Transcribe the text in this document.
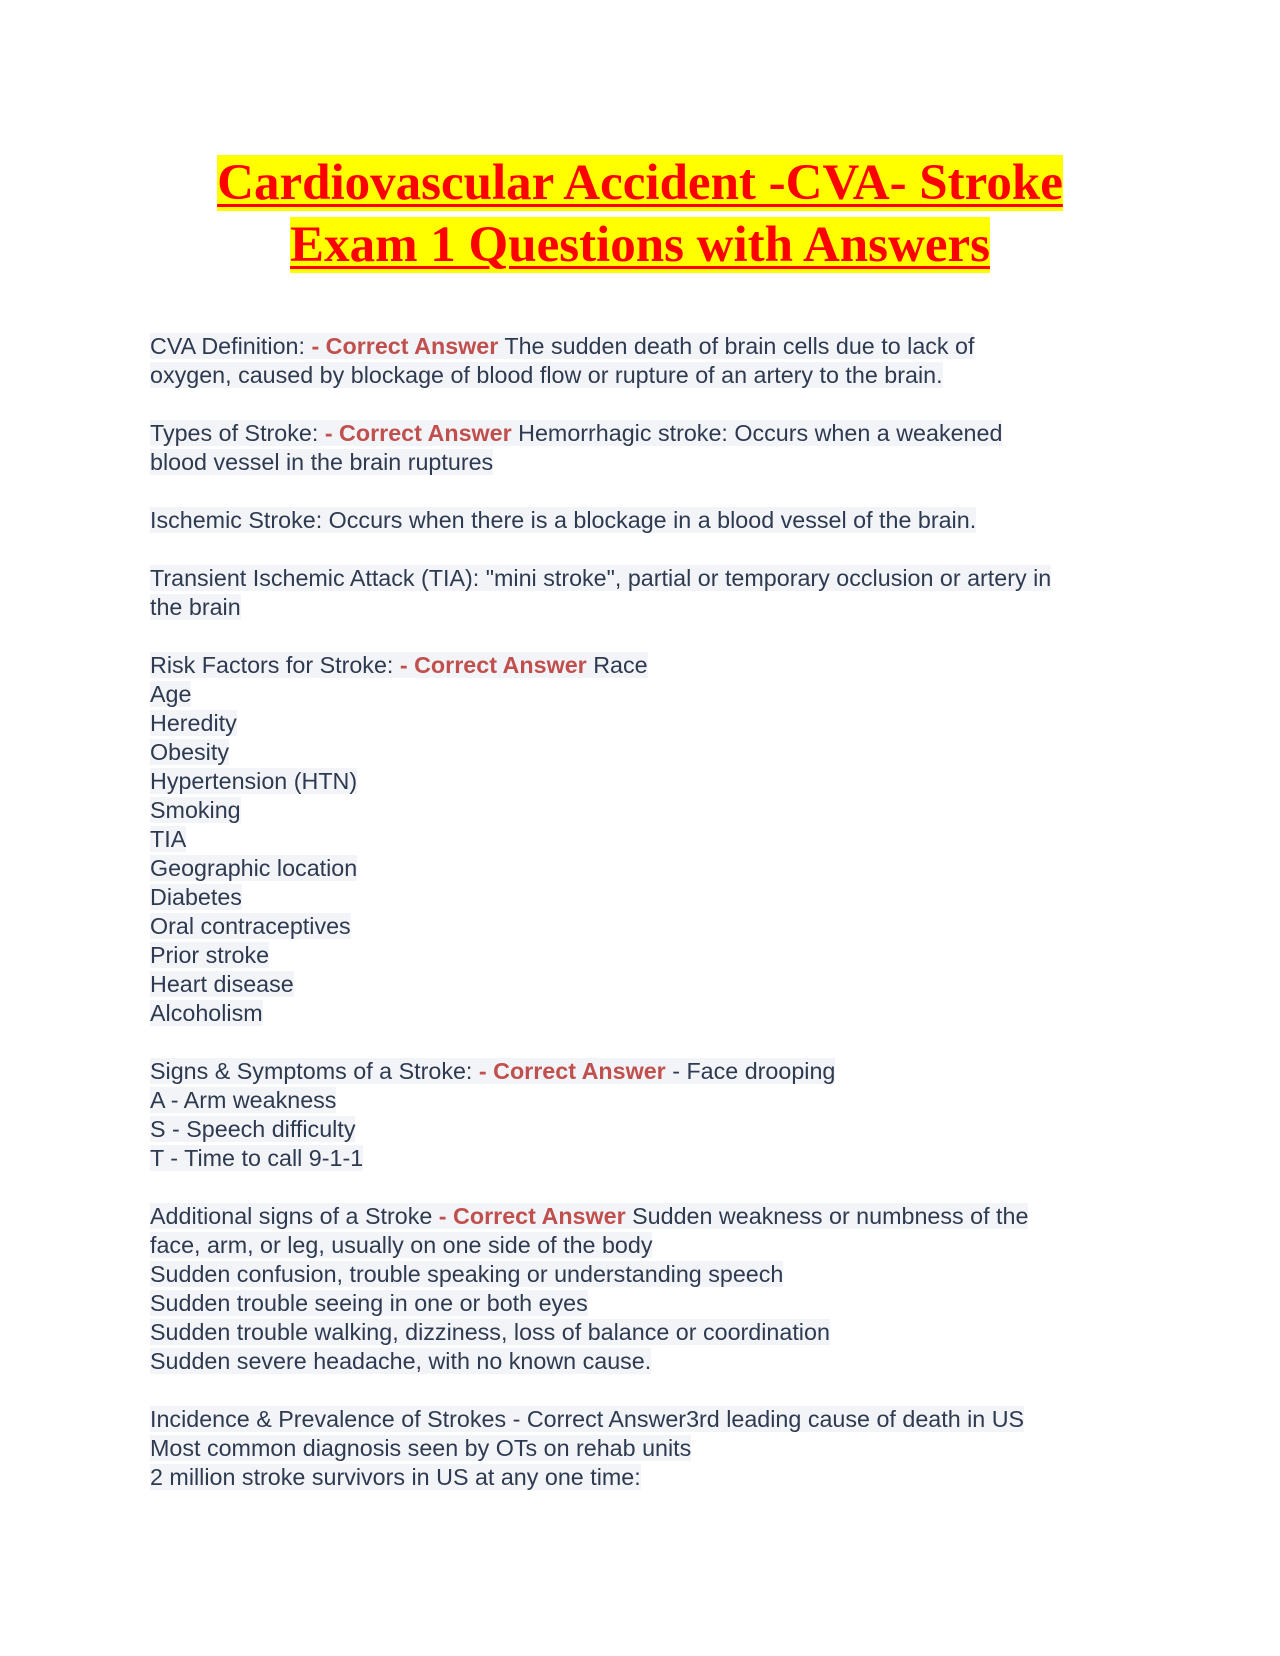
Cardiovascular Accident -CVA- Stroke
Exam 1 Questions with Answers
CVA Definition: - Correct Answer The sudden death of brain cells due to lack of
oxygen, caused by blockage of blood flow or rupture of an artery to the brain.
Types of Stroke: - Correct Answer Hemorrhagic stroke: Occurs when a weakened
blood vessel in the brain ruptures
Ischemic Stroke: Occurs when there is a blockage in a blood vessel of the brain.
Transient Ischemic Attack (TIA): "mini stroke", partial or temporary occlusion or artery in
the brain
Risk Factors for Stroke: - Correct Answer Race
Age
Heredity
Obesity
Hypertension (HTN)
Smoking
TIA
Geographic location
Diabetes
Oral contraceptives
Prior stroke
Heart disease
Alcoholism
Signs & Symptoms of a Stroke: - Correct Answer - Face drooping
A - Arm weakness
S - Speech difficulty
T - Time to call 9-1-1
Additional signs of a Stroke - Correct Answer Sudden weakness or numbness of the
face, arm, or leg, usually on one side of the body
Sudden confusion, trouble speaking or understanding speech
Sudden trouble seeing in one or both eyes
Sudden trouble walking, dizziness, loss of balance or coordination
Sudden severe headache, with no known cause.
Incidence & Prevalence of Strokes - Correct Answer3rd leading cause of death in US
Most common diagnosis seen by OTs on rehab units
2 million stroke survivors in US at any one time:
